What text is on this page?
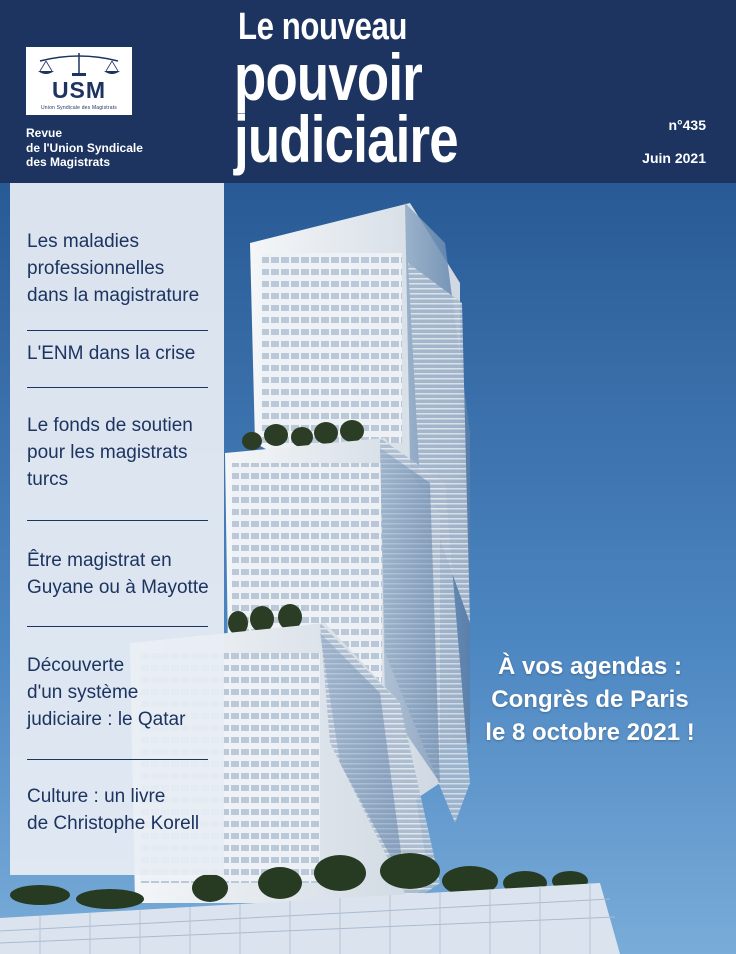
USM
Union Syndicale des Magistrats
Revue
de l'Union Syndicale
des Magistrats
Le nouveau
pouvoir
judiciaire	n°435
Juin 2021
Les maladies
professionnelles
dans la magistrature
L'ENM dans la crise
Le fonds de soutien
pour les magistrats
turcs
Être magistrat en
Guyane ou à Mayotte
Découverte
d'un système
judiciaire : le Qatar
Culture : un livre
de Christophe Korell
À vos agendas :
Congrès de Paris
le 8 octobre 2021 !
